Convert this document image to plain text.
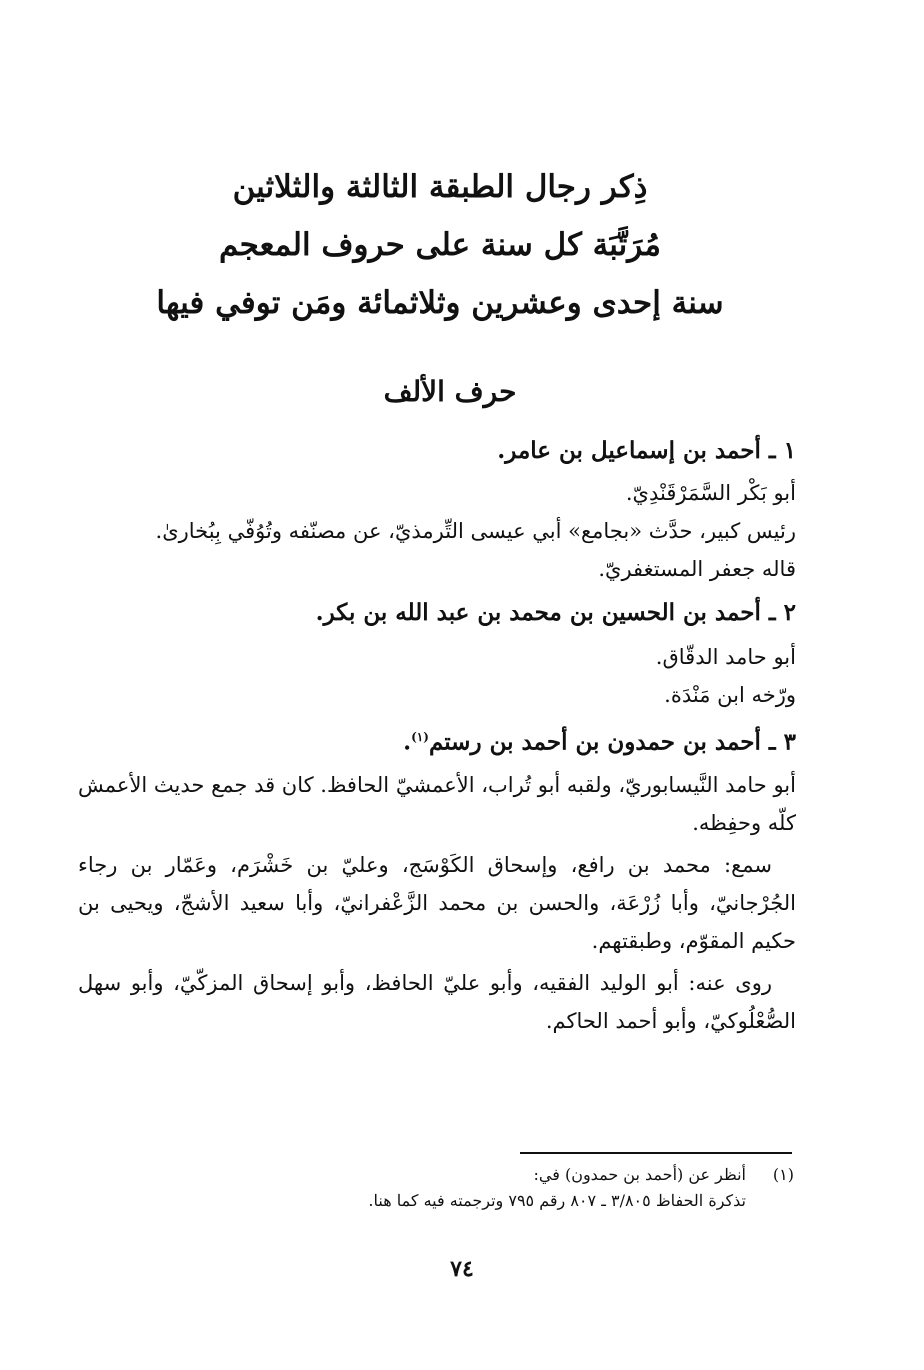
ذِكر رجال الطبقة الثالثة والثلاثين
مُرَتَّبَة كل سنة على حروف المعجم
سنة إحدى وعشرين وثلاثمائة ومَن توفي فيها
حرف الألف

١ ـ أحمد بن إسماعيل بن عامر.

أبو بَكْر السَّمَرْقَنْدِيّ.

رئيس كبير، حدَّث «بجامع» أبي عيسى التِّرمذيّ، عن مصنّفه وتُوُفّي بِبُخارىٰ.

قاله جعفر المستغفريّ.

٢ ـ أحمد بن الحسين بن محمد بن عبد الله بن بكر.

أبو حامد الدقّاق.

ورّخه ابن مَنْدَة.

٣ ـ أحمد بن حمدون بن أحمد بن رستم$^{(١)}$.

أبو حامد النَّيسابوريّ، ولقبه أبو تُراب، الأعمشيّ الحافظ. كان قد جمع حديث الأعمش كلّه وحفِظه.

سمع: محمد بن رافع، وإسحاق الكَوْسَج، وعليّ بن خَشْرَم، وعَمّار بن رجاء الجُرْجانيّ، وأبا زُرْعَة، والحسن بن محمد الزَّعْفرانيّ، وأبا سعيد الأشجّ، ويحيى بن حكيم المقوّم، وطبقتهم.

روى عنه: أبو الوليد الفقيه، وأبو عليّ الحافظ، وأبو إسحاق المزكّيّ، وأبو سهل الصُّعْلُوكيّ، وأبو أحمد الحاكم.

(١)
أنظر عن (أحمد بن حمدون) في:
تذكرة الحفاظ ٣/٨٠٥ ـ ٨٠٧ رقم ٧٩٥ وترجمته فيه كما هنا.
٧٤
